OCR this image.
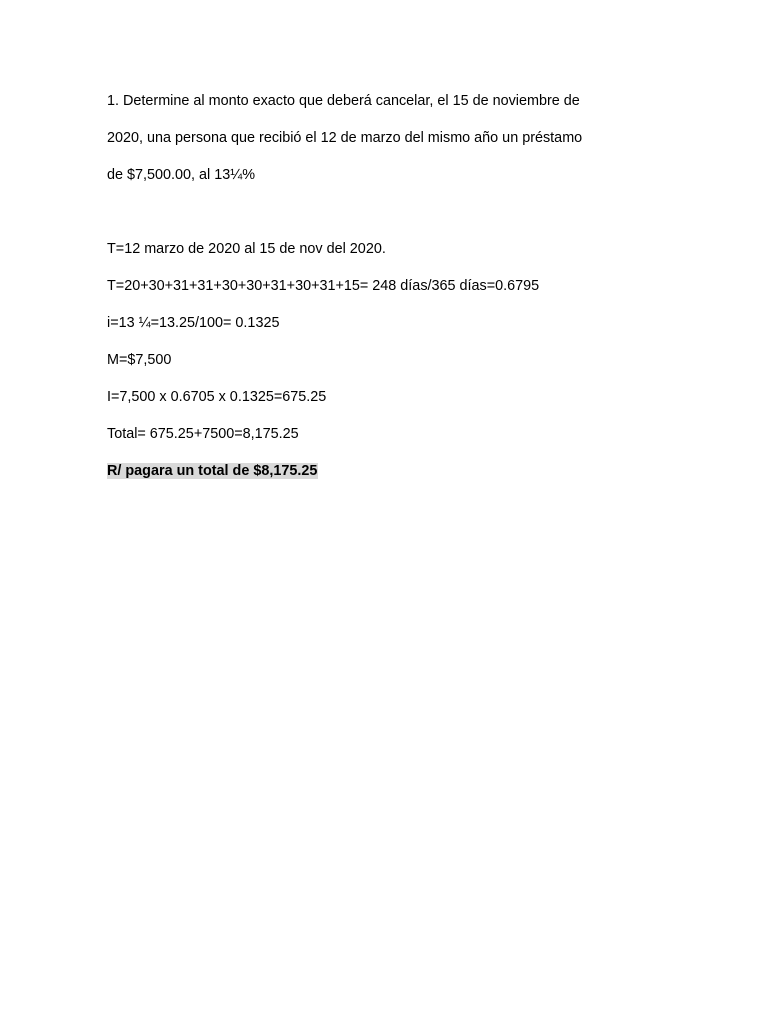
1. Determine al monto exacto que deberá cancelar, el 15 de noviembre de
2020, una persona que recibió el 12 de marzo del mismo año un préstamo
de $7,500.00, al 13¼%
T=12 marzo de 2020 al 15 de nov del 2020.
T=20+30+31+31+30+30+31+30+31+15= 248 días/365 días=0.6795
i=13 ¼=13.25/100= 0.1325
M=$7,500
I=7,500 x 0.6705 x 0.1325=675.25
Total= 675.25+7500=8,175.25
R/ pagara un total de $8,175.25
